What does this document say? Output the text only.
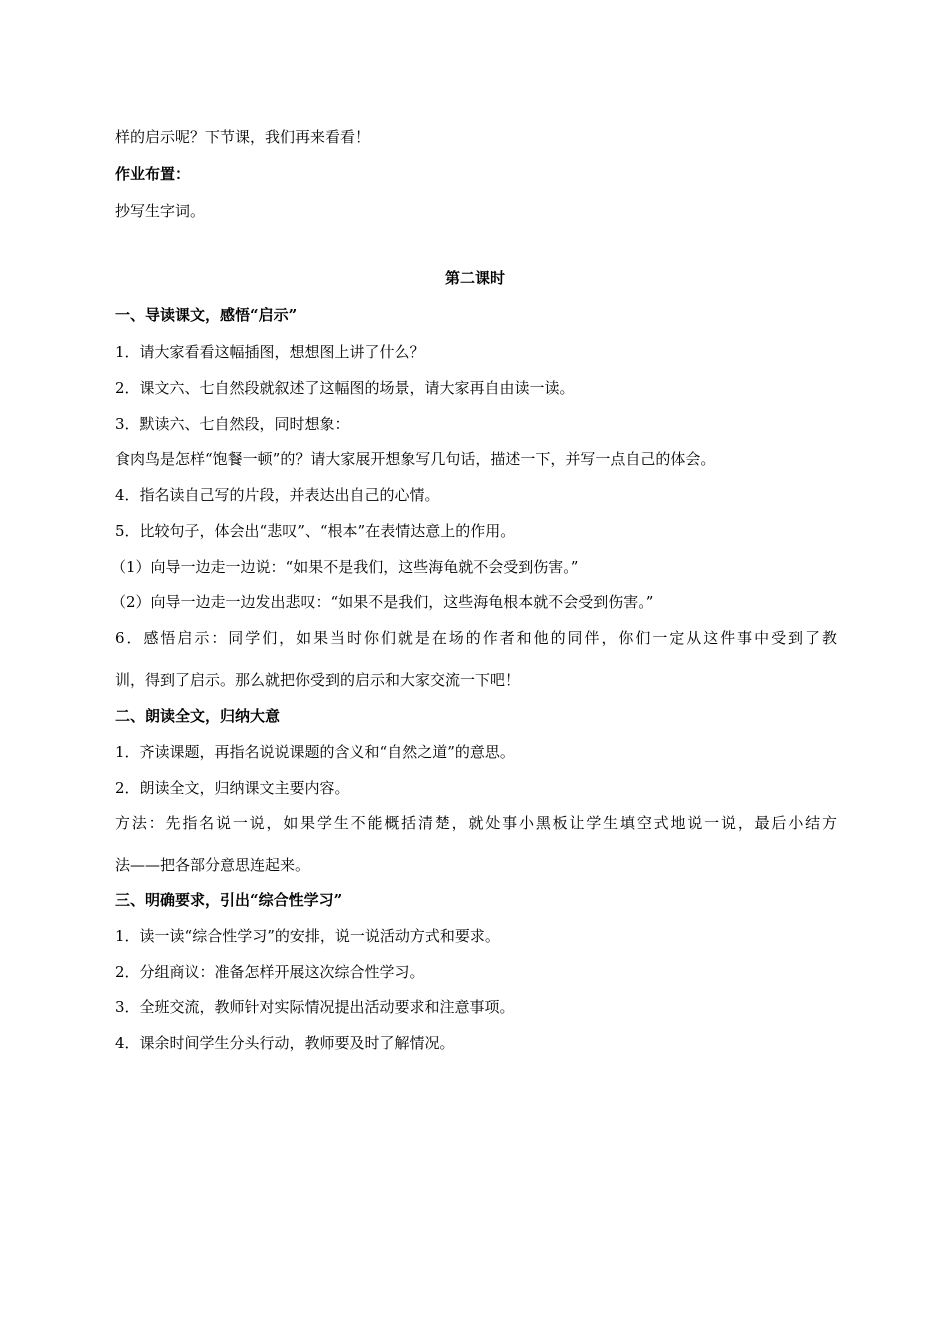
样的启示呢？下节课，我们再来看看！
作业布置：
抄写生字词。
第二课时
一、导读课文，感悟“启示”
1．请大家看看这幅插图，想想图上讲了什么？
2．课文六、七自然段就叙述了这幅图的场景，请大家再自由读一读。
3．默读六、七自然段，同时想象：
食肉鸟是怎样“饱餐一顿”的？请大家展开想象写几句话，描述一下，并写一点自己的体会。
4．指名读自己写的片段，并表达出自己的心情。
5．比较句子，体会出“悲叹”、“根本”在表情达意上的作用。
（1）向导一边走一边说：“如果不是我们，这些海龟就不会受到伤害。”
（2）向导一边走一边发出悲叹：“如果不是我们，这些海龟根本就不会受到伤害。”
6．感悟启示：同学们，如果当时你们就是在场的作者和他的同伴，你们一定从这件事中受到了教
训，得到了启示。那么就把你受到的启示和大家交流一下吧！
二、朗读全文，归纳大意
1．齐读课题，再指名说说课题的含义和“自然之道”的意思。
2．朗读全文，归纳课文主要内容。
方法：先指名说一说，如果学生不能概括清楚，就处事小黑板让学生填空式地说一说，最后小结方
法——把各部分意思连起来。
三、明确要求，引出“综合性学习”
1．读一读“综合性学习”的安排，说一说活动方式和要求。
2．分组商议：准备怎样开展这次综合性学习。
3．全班交流，教师针对实际情况提出活动要求和注意事项。
4．课余时间学生分头行动，教师要及时了解情况。
